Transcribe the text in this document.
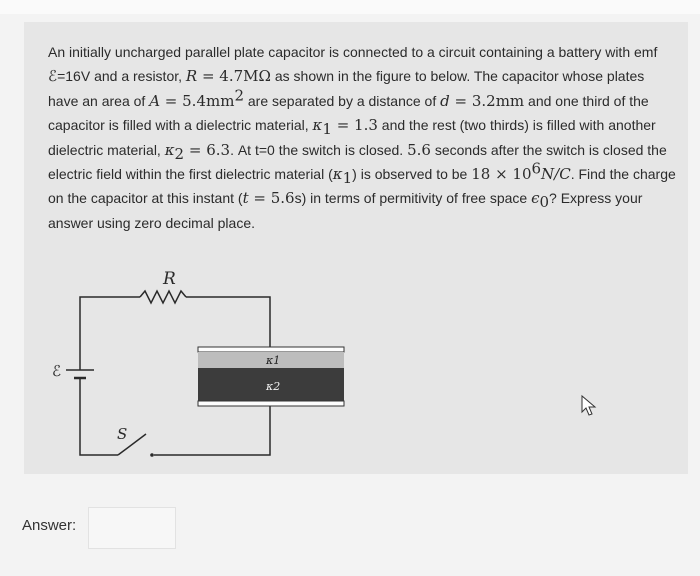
An initially uncharged parallel plate capacitor is connected to a circuit containing a battery with emf ℰ=16V and a resistor, R = 4.7MΩ as shown in the figure to below. The capacitor whose plates have an area of $A = 5.4mm^2$ are separated by a distance of d = 3.2mm and one third of the capacitor is filled with a dielectric material, $\kappa_1 = 1.3$ and the rest (two thirds) is filled with another dielectric material, $\kappa_2 = 6.3$. At t=0 the switch is closed. 5.6 seconds after the switch is closed the electric field within the first dielectric material $(\kappa_1)$ is observed to be $18 \times 10^6N/C$. Find the charge on the capacitor at this instant (t = 5.6s) in terms of permitivity of free space $\epsilon_0$? Express your answer using zero decimal place.
R
ℰ
S
κ1
κ2
Answer:
